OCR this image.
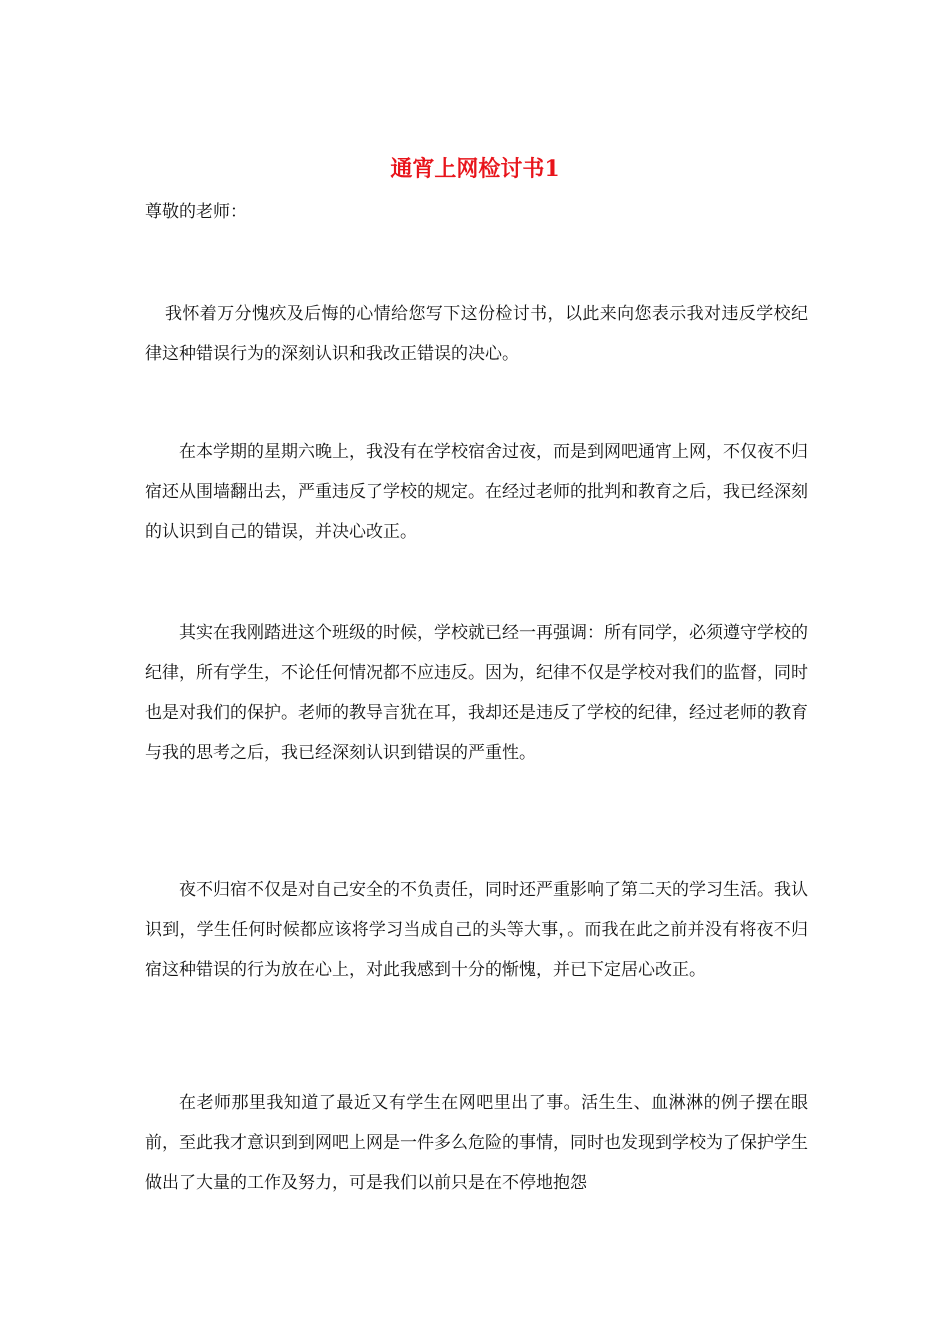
通宵上网检讨书1

尊敬的老师：

我怀着万分愧疚及后悔的心情给您写下这份检讨书，以此来向您表示我对违反学校纪律这种错误行为的深刻认识和我改正错误的决心。

在本学期的星期六晚上，我没有在学校宿舍过夜，而是到网吧通宵上网，不仅夜不归宿还从围墙翻出去，严重违反了学校的规定。在经过老师的批判和教育之后，我已经深刻的认识到自己的错误，并决心改正。

其实在我刚踏进这个班级的时候，学校就已经一再强调：所有同学，必须遵守学校的纪律，所有学生，不论任何情况都不应违反。因为，纪律不仅是学校对我们的监督，同时也是对我们的保护。老师的教导言犹在耳，我却还是违反了学校的纪律，经过老师的教育与我的思考之后，我已经深刻认识到错误的严重性。

夜不归宿不仅是对自己安全的不负责任，同时还严重影响了第二天的学习生活。我认识到，学生任何时候都应该将学习当成自己的头等大事，。而我在此之前并没有将夜不归宿这种错误的行为放在心上，对此我感到十分的惭愧，并已下定居心改正。

在老师那里我知道了最近又有学生在网吧里出了事。活生生、血淋淋的例子摆在眼前，至此我才意识到到网吧上网是一件多么危险的事情，同时也发现到学校为了保护学生做出了大量的工作及努力，可是我们以前只是在不停地抱怨
